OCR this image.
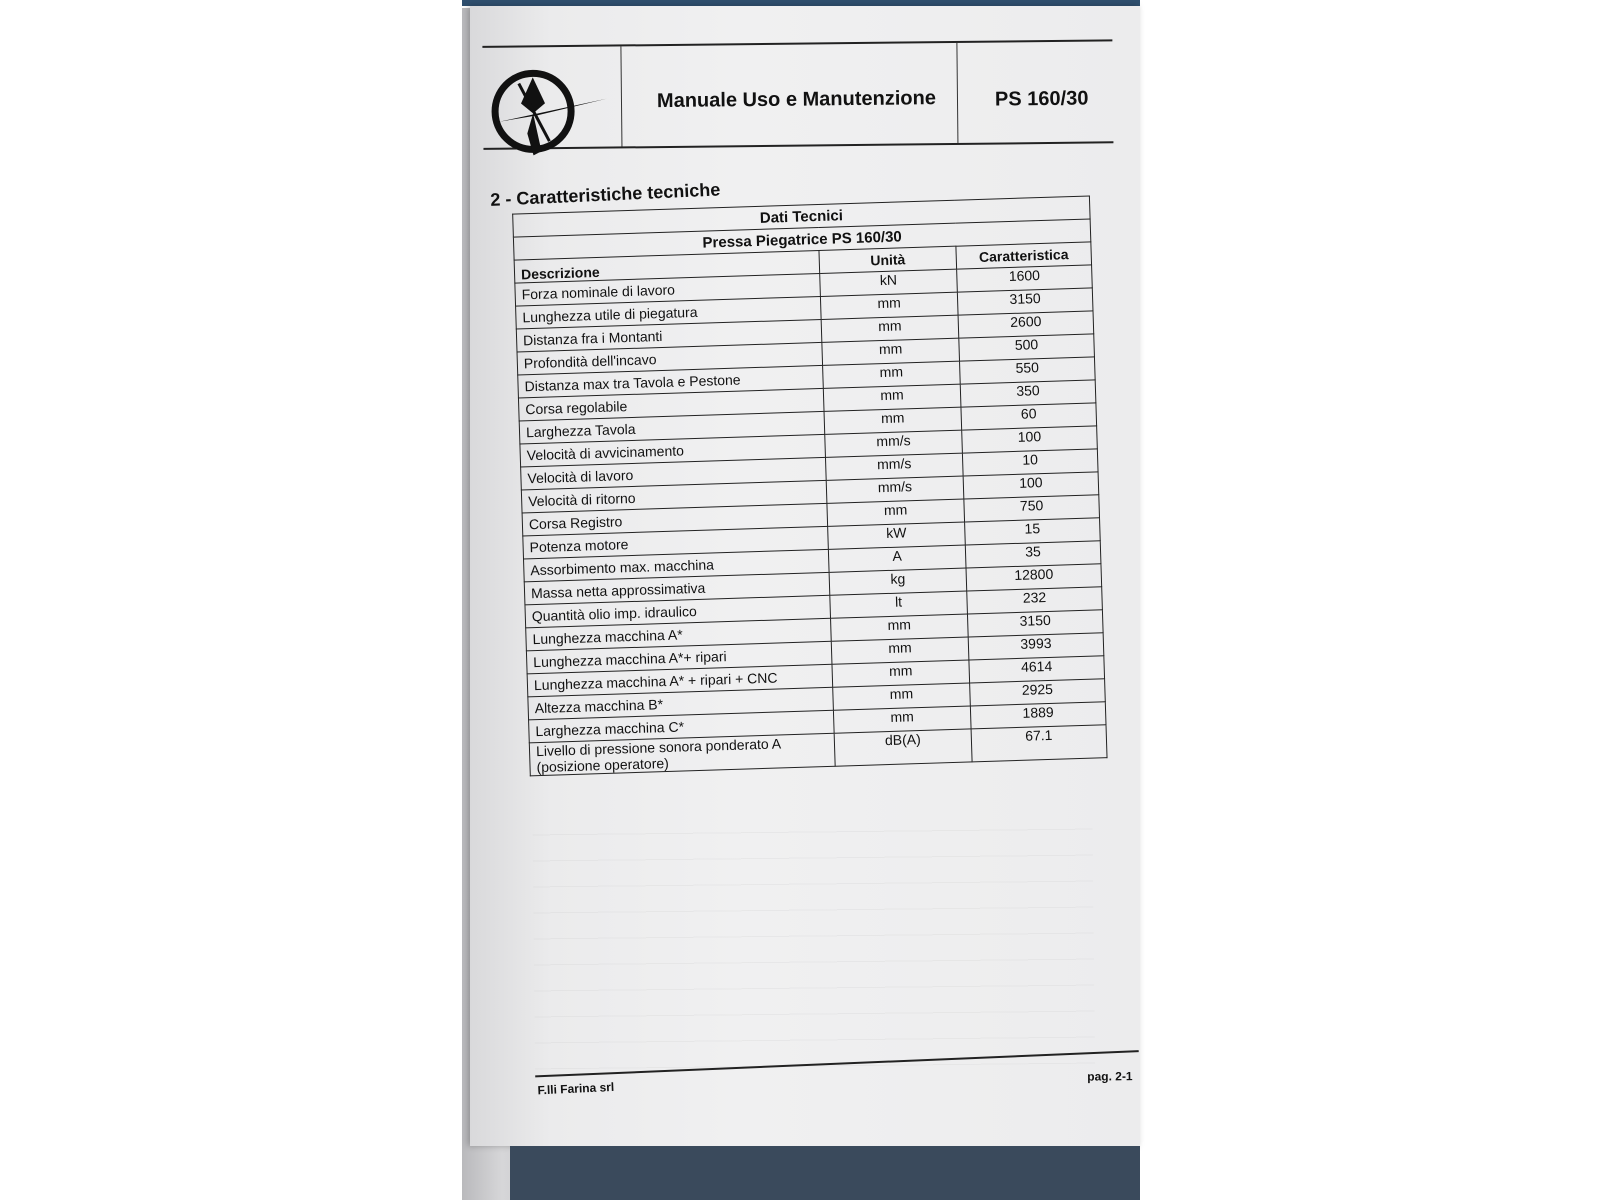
Manuale Uso e Manutenzione	PS 160/30
2 - Caratteristiche tecniche
Dati Tecnici		
Pressa Piegatrice PS 160/30		
Descrizione	Unità	Caratteristica
Forza nominale di lavoro	kN	1600
Lunghezza utile di piegatura	mm	3150
Distanza fra i Montanti	mm	2600
Profondità dell'incavo	mm	500
Distanza max tra Tavola e Pestone	mm	550
Corsa regolabile	mm	350
Larghezza Tavola	mm	60
Velocità di avvicinamento	mm/s	100
Velocità di lavoro	mm/s	10
Velocità di ritorno	mm/s	100
Corsa Registro	mm	750
Potenza motore	kW	15
Assorbimento max. macchina	A	35
Massa netta approssimativa	kg	12800
Quantità olio imp. idraulico	lt	232
Lunghezza macchina A*	mm	3150
Lunghezza macchina A*+ ripari	mm	3993
Lunghezza macchina A* + ripari + CNC	mm	4614
Altezza macchina B*	mm	2925
Larghezza macchina C*	mm	1889
Livello di pressione sonora ponderato A (posizione operatore)	dB(A)	67.1
F.lli Farina srl
pag. 2-1
